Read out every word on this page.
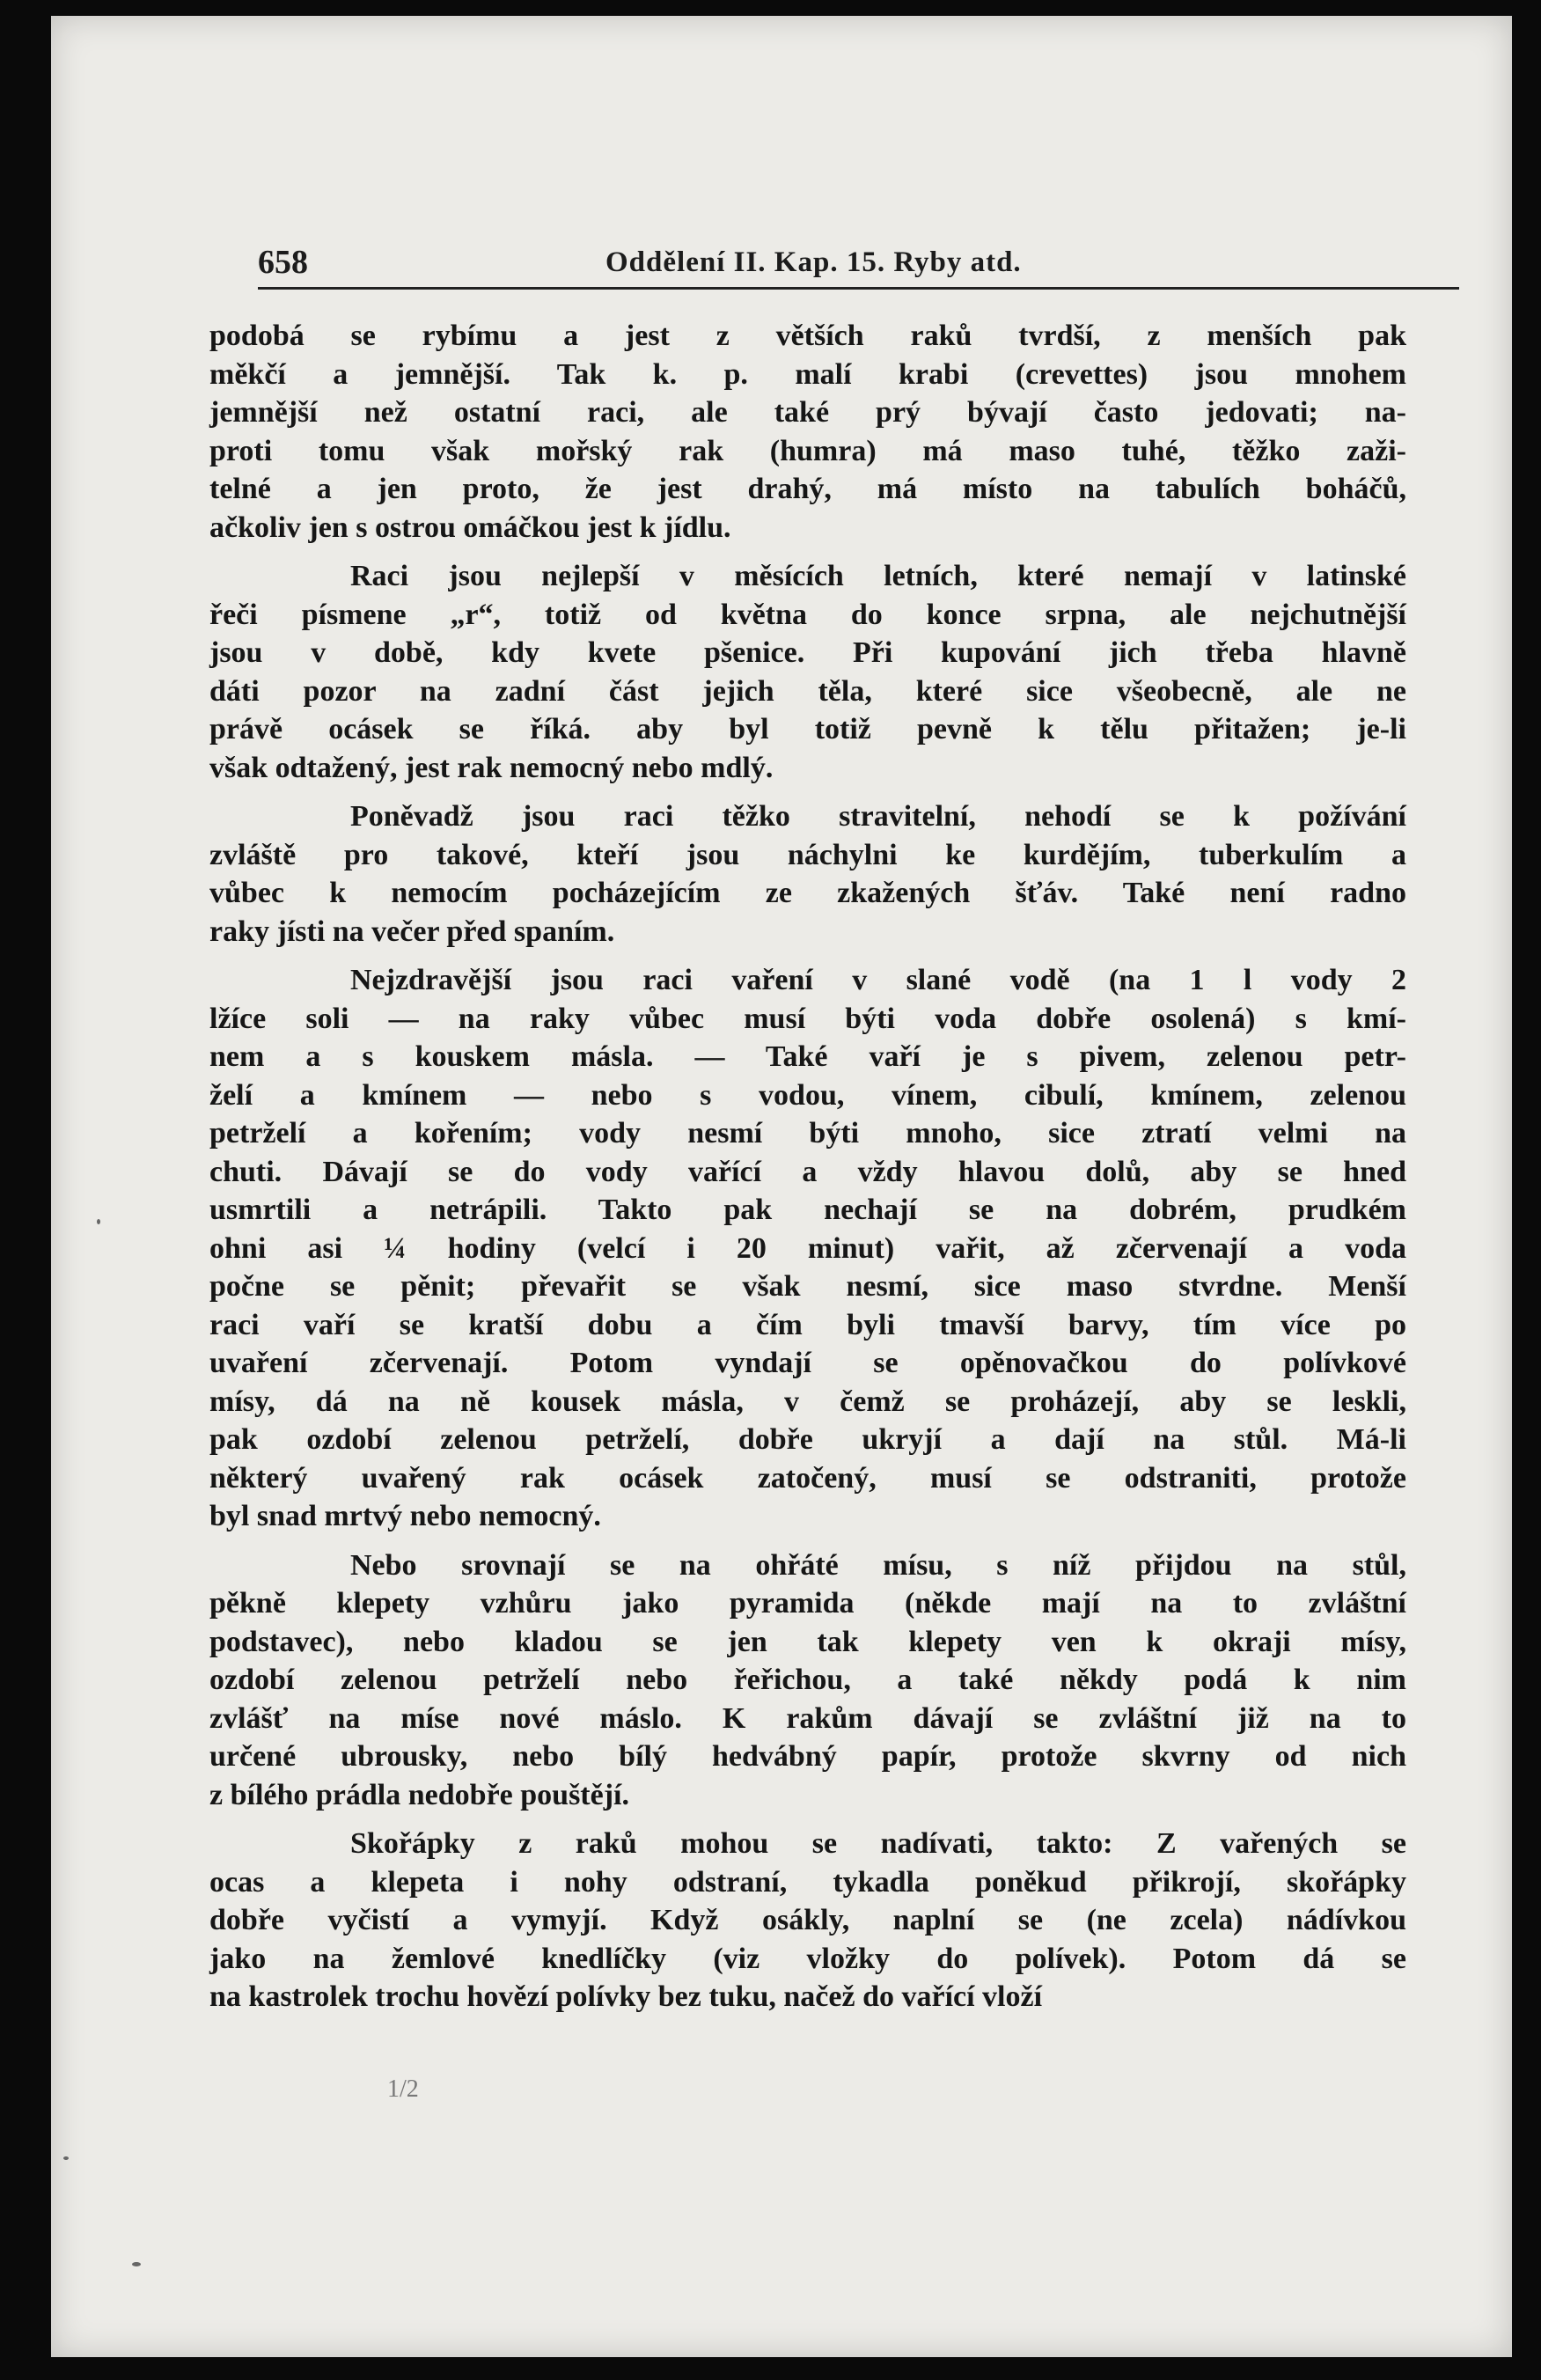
658	Oddělení II. Kap. 15. Ryby atd.
podobá se rybímu a jest z větších raků tvrdší, z menších pak
měkčí a jemnější. Tak k. p. malí krabi (crevettes) jsou mnohem
jemnější než ostatní raci, ale také prý bývají často jedovati; na-
proti tomu však mořský rak (humra) má maso tuhé, těžko zaži-
telné a jen proto, že jest drahý, má místo na tabulích boháčů,
ačkoliv jen s ostrou omáčkou jest k jídlu.
Raci jsou nejlepší v měsících letních, které nemají v latinské
řeči písmene „r“, totiž od května do konce srpna, ale nejchutnější
jsou v době, kdy kvete pšenice. Při kupování jich třeba hlavně
dáti pozor na zadní část jejich těla, které sice všeobecně, ale ne
právě ocásek se říká. aby byl totiž pevně k tělu přitažen; je-li
však odtažený, jest rak nemocný nebo mdlý.
Poněvadž jsou raci těžko stravitelní, nehodí se k požívání
zvláště pro takové, kteří jsou náchylni ke kurdějím, tuberkulím a
vůbec k nemocím pocházejícím ze zkažených šťáv. Také není radno
raky jísti na večer před spaním.
Nejzdravější jsou raci vaření v slané vodě (na 1 l vody 2
lžíce soli — na raky vůbec musí býti voda dobře osolená) s kmí-
nem a s kouskem másla. — Také vaří je s pivem, zelenou petr-
želí a kmínem — nebo s vodou, vínem, cibulí, kmínem, zelenou
petrželí a kořením; vody nesmí býti mnoho, sice ztratí velmi na
chuti. Dávají se do vody vařící a vždy hlavou dolů, aby se hned
usmrtili a netrápili. Takto pak nechají se na dobrém, prudkém
ohni asi ¼ hodiny (velcí i 20 minut) vařit, až zčervenají a voda
počne se pěnit; převařit se však nesmí, sice maso stvrdne. Menší
raci vaří se kratší dobu a čím byli tmavší barvy, tím více po
uvaření zčervenají. Potom vyndají se opěnovačkou do polívkové
mísy, dá na ně kousek másla, v čemž se proházejí, aby se leskli,
pak ozdobí zelenou petrželí, dobře ukryjí a dají na stůl. Má-li
některý uvařený rak ocásek zatočený, musí se odstraniti, protože
byl snad mrtvý nebo nemocný.
Nebo srovnají se na ohřáté mísu, s níž přijdou na stůl,
pěkně klepety vzhůru jako pyramida (někde mají na to zvláštní
podstavec), nebo kladou se jen tak klepety ven k okraji mísy,
ozdobí zelenou petrželí nebo řeřichou, a také někdy podá k nim
zvlášť na míse nové máslo. K rakům dávají se zvláštní již na to
určené ubrousky, nebo bílý hedvábný papír, protože skvrny od nich
z bílého prádla nedobře pouštějí.
Skořápky z raků mohou se nadívati, takto: Z vařených se
ocas a klepeta i nohy odstraní, tykadla poněkud přikrojí, skořápky
dobře vyčistí a vymyjí. Když osákly, naplní se (ne zcela) nádívkou
jako na žemlové knedlíčky (viz vložky do polívek). Potom dá se
na kastrolek trochu hovězí polívky bez tuku, načež do vařící vloží
1/2
